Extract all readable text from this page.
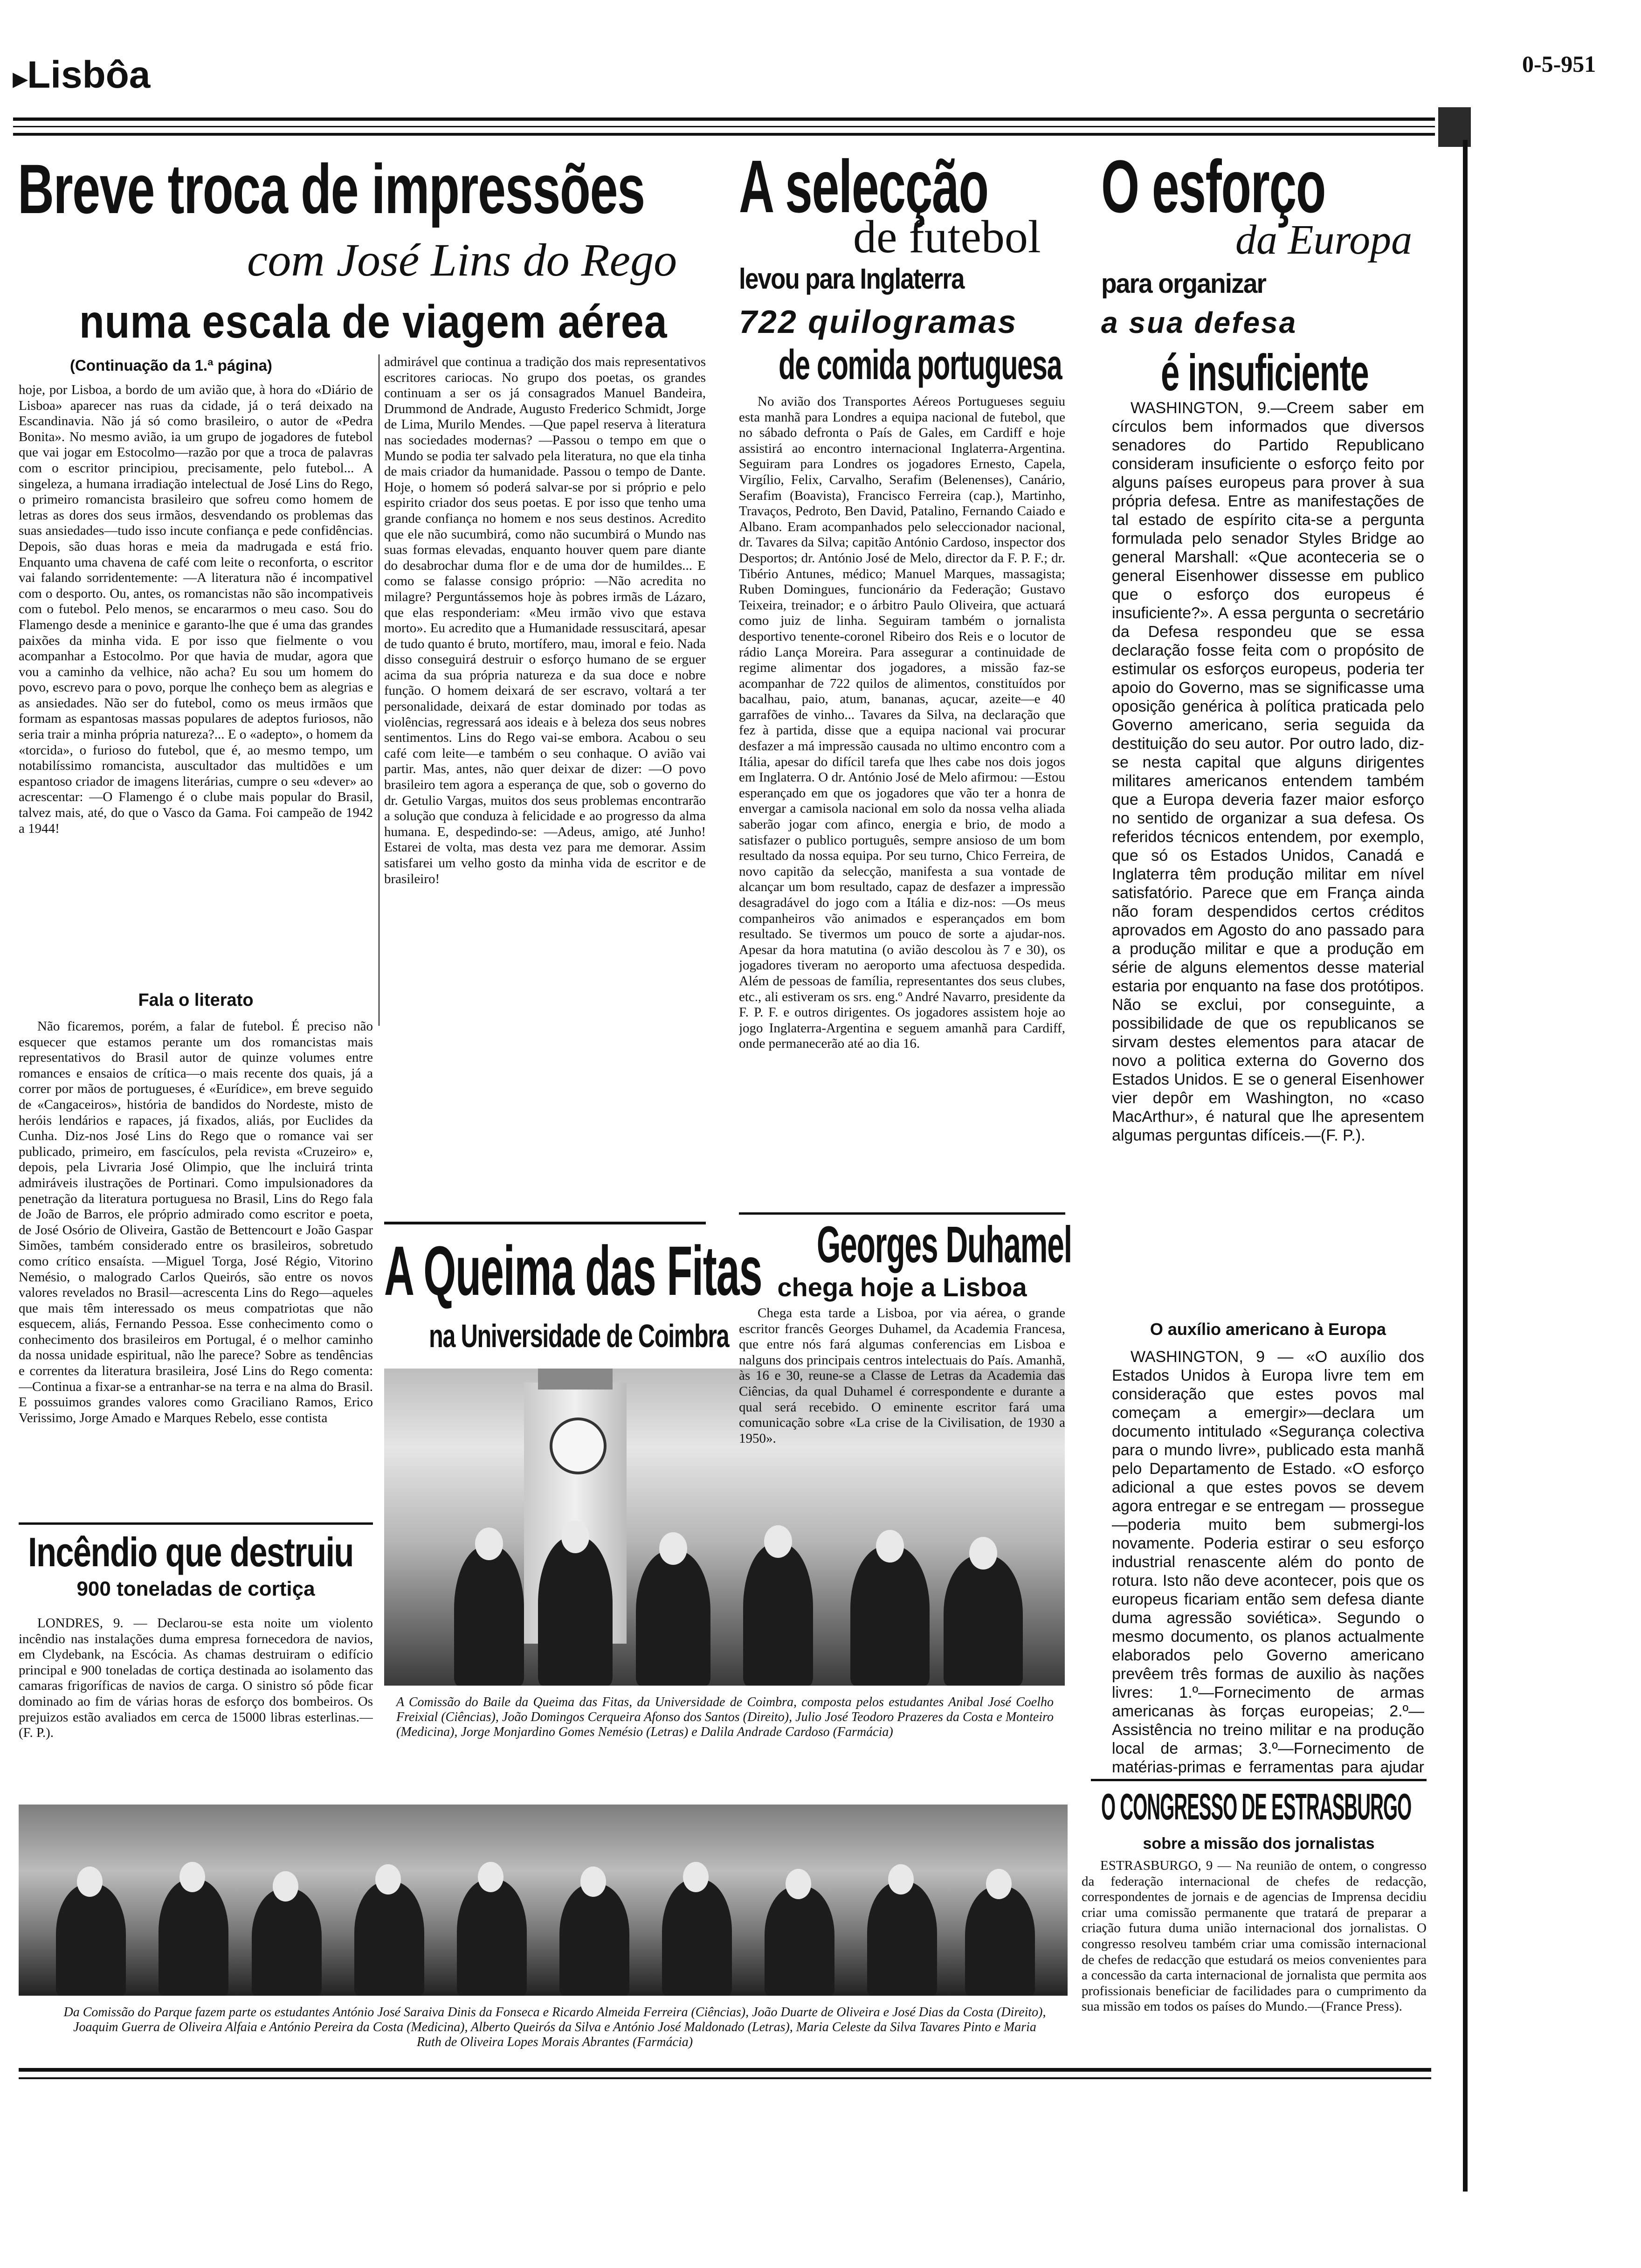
▸Lisbôa	0-5-951
Breve troca de impressões
com José Lins do Rego
numa escala de viagem aérea
(Continuação da 1.ª página)

hoje, por Lisboa, a bordo de um avião que, à hora do «Diário de Lisboa» aparecer nas ruas da cidade, já o terá deixado na Escandinavia. Não já só como brasileiro, o autor de «Pedra Bonita». No mesmo avião, ia um grupo de jogadores de futebol que vai jogar em Estocolmo—razão por que a troca de palavras com o escritor principiou, precisamente, pelo futebol... A singeleza, a humana irradiação intelectual de José Lins do Rego, o primeiro romancista brasileiro que sofreu como homem de letras as dores dos seus irmãos, desvendando os problemas das suas ansiedades—tudo isso incute confiança e pede confidências. Depois, são duas horas e meia da madrugada e está frio. Enquanto uma chavena de café com leite o reconforta, o escritor vai falando sorridentemente: —A literatura não é incompativel com o desporto. Ou, antes, os romancistas não são incompativeis com o futebol. Pelo menos, se encararmos o meu caso. Sou do Flamengo desde a meninice e garanto-lhe que é uma das grandes paixões da minha vida. E por isso que fielmente o vou acompanhar a Estocolmo. Por que havia de mudar, agora que vou a caminho da velhice, não acha? Eu sou um homem do povo, escrevo para o povo, porque lhe conheço bem as alegrias e as ansiedades. Não ser do futebol, como os meus irmãos que formam as espantosas massas populares de adeptos furiosos, não seria trair a minha própria natureza?... E o «adepto», o homem da «torcida», o furioso do futebol, que é, ao mesmo tempo, um notabilíssimo romancista, auscultador das multidões e um espantoso criador de imagens literárias, cumpre o seu «dever» ao acrescentar: —O Flamengo é o clube mais popular do Brasil, talvez mais, até, do que o Vasco da Gama. Foi campeão de 1942 a 1944!

Fala o literato

Não ficaremos, porém, a falar de futebol. É preciso não esquecer que estamos perante um dos romancistas mais representativos do Brasil autor de quinze volumes entre romances e ensaios de crítica—o mais recente dos quais, já a correr por mãos de portugueses, é «Eurídice», em breve seguido de «Cangaceiros», história de bandidos do Nordeste, misto de heróis lendários e rapaces, já fixados, aliás, por Euclides da Cunha. Diz-nos José Lins do Rego que o romance vai ser publicado, primeiro, em fascículos, pela revista «Cruzeiro» e, depois, pela Livraria José Olimpio, que lhe incluirá trinta admiráveis ilustrações de Portinari. Como impulsionadores da penetração da literatura portuguesa no Brasil, Lins do Rego fala de João de Barros, ele próprio admirado como escritor e poeta, de José Osório de Oliveira, Gastão de Bettencourt e João Gaspar Simões, também considerado entre os brasileiros, sobretudo como crítico ensaísta. —Miguel Torga, José Régio, Vitorino Nemésio, o malogrado Carlos Queirós, são entre os novos valores revelados no Brasil—acrescenta Lins do Rego—aqueles que mais têm interessado os meus compatriotas que não esquecem, aliás, Fernando Pessoa. Esse conhecimento como o conhecimento dos brasileiros em Portugal, é o melhor caminho da nossa unidade espiritual, não lhe parece? Sobre as tendências e correntes da literatura brasileira, José Lins do Rego comenta: —Continua a fixar-se a entranhar-se na terra e na alma do Brasil. E possuimos grandes valores como Graciliano Ramos, Erico Verissimo, Jorge Amado e Marques Rebelo, esse contista

admirável que continua a tradição dos mais representativos escritores cariocas. No grupo dos poetas, os grandes continuam a ser os já consagrados Manuel Bandeira, Drummond de Andrade, Augusto Frederico Schmidt, Jorge de Lima, Murilo Mendes. —Que papel reserva à literatura nas sociedades modernas? —Passou o tempo em que o Mundo se podia ter salvado pela literatura, no que ela tinha de mais criador da humanidade. Passou o tempo de Dante. Hoje, o homem só poderá salvar-se por si próprio e pelo espirito criador dos seus poetas. E por isso que tenho uma grande confiança no homem e nos seus destinos. Acredito que ele não sucumbirá, como não sucumbirá o Mundo nas suas formas elevadas, enquanto houver quem pare diante do desabrochar duma flor e de uma dor de humildes... E como se falasse consigo próprio: —Não acredita no milagre? Perguntássemos hoje às pobres irmãs de Lázaro, que elas responderiam: «Meu irmão vivo que estava morto». Eu acredito que a Humanidade ressuscitará, apesar de tudo quanto é bruto, mortífero, mau, imoral e feio. Nada disso conseguirá destruir o esforço humano de se erguer acima da sua própria natureza e da sua doce e nobre função. O homem deixará de ser escravo, voltará a ter personalidade, deixará de estar dominado por todas as violências, regressará aos ideais e à beleza dos seus nobres sentimentos. Lins do Rego vai-se embora. Acabou o seu café com leite—e também o seu conhaque. O avião vai partir. Mas, antes, não quer deixar de dizer: —O povo brasileiro tem agora a esperança de que, sob o governo do dr. Getulio Vargas, muitos dos seus problemas encontrarão a solução que conduza à felicidade e ao progresso da alma humana. E, despedindo-se: —Adeus, amigo, até Junho! Estarei de volta, mas desta vez para me demorar. Assim satisfarei um velho gosto da minha vida de escritor e de brasileiro!

Incêndio que destruiu
900 toneladas de cortiça

LONDRES, 9. — Declarou-se esta noite um violento incêndio nas instalações duma empresa fornecedora de navios, em Clydebank, na Escócia. As chamas destruiram o edifício principal e 900 toneladas de cortiça destinada ao isolamento das camaras frigoríficas de navios de carga. O sinistro só pôde ficar dominado ao fim de várias horas de esforço dos bombeiros. Os prejuizos estão avaliados em cerca de 15000 libras esterlinas.—(F. P.).

A Queima das Fitas
na Universidade de Coimbra
A Comissão do Baile da Queima das Fitas, da Universidade de Coimbra, composta pelos estudantes Anibal José Coelho Freixial (Ciências), João Domingos Cerqueira Afonso dos Santos (Direito), Julio José Teodoro Prazeres da Costa e Monteiro (Medicina), Jorge Monjardino Gomes Nemésio (Letras) e Dalila Andrade Cardoso (Farmácia)
Da Comissão do Parque fazem parte os estudantes António José Saraiva Dinis da Fonseca e Ricardo Almeida Ferreira (Ciências), João Duarte de Oliveira e José Dias da Costa (Direito), Joaquim Guerra de Oliveira Alfaia e António Pereira da Costa (Medicina), Alberto Queirós da Silva e António José Maldonado (Letras), Maria Celeste da Silva Tavares Pinto e Maria Ruth de Oliveira Lopes Morais Abrantes (Farmácia)
A selecção
de futebol
levou para Inglaterra
722 quilogramas
de comida portuguesa

No avião dos Transportes Aéreos Portugueses seguiu esta manhã para Londres a equipa nacional de futebol, que no sábado defronta o País de Gales, em Cardiff e hoje assistirá ao encontro internacional Inglaterra-Argentina. Seguiram para Londres os jogadores Ernesto, Capela, Virgílio, Felix, Carvalho, Serafim (Belenenses), Canário, Serafim (Boavista), Francisco Ferreira (cap.), Martinho, Travaços, Pedroto, Ben David, Patalino, Fernando Caiado e Albano. Eram acompanhados pelo seleccionador nacional, dr. Tavares da Silva; capitão António Cardoso, inspector dos Desportos; dr. António José de Melo, director da F. P. F.; dr. Tibério Antunes, médico; Manuel Marques, massagista; Ruben Domingues, funcionário da Federação; Gustavo Teixeira, treinador; e o árbitro Paulo Oliveira, que actuará como juiz de linha. Seguiram também o jornalista desportivo tenente-coronel Ribeiro dos Reis e o locutor de rádio Lança Moreira. Para assegurar a continuidade de regime alimentar dos jogadores, a missão faz-se acompanhar de 722 quilos de alimentos, constituídos por bacalhau, paio, atum, bananas, açucar, azeite—e 40 garrafões de vinho... Tavares da Silva, na declaração que fez à partida, disse que a equipa nacional vai procurar desfazer a má impressão causada no ultimo encontro com a Itália, apesar do difícil tarefa que lhes cabe nos dois jogos em Inglaterra. O dr. António José de Melo afirmou: —Estou esperançado em que os jogadores que vão ter a honra de envergar a camisola nacional em solo da nossa velha aliada saberão jogar com afinco, energia e brio, de modo a satisfazer o publico português, sempre ansioso de um bom resultado da nossa equipa. Por seu turno, Chico Ferreira, de novo capitão da selecção, manifesta a sua vontade de alcançar um bom resultado, capaz de desfazer a impressão desagradável do jogo com a Itália e diz-nos: —Os meus companheiros vão animados e esperançados em bom resultado. Se tivermos um pouco de sorte a ajudar-nos. Apesar da hora matutina (o avião descolou às 7 e 30), os jogadores tiveram no aeroporto uma afectuosa despedida. Além de pessoas de família, representantes dos seus clubes, etc., ali estiveram os srs. eng.º André Navarro, presidente da F. P. F. e outros dirigentes. Os jogadores assistem hoje ao jogo Inglaterra-Argentina e seguem amanhã para Cardiff, onde permanecerão até ao dia 16.

Georges Duhamel
chega hoje a Lisboa

Chega esta tarde a Lisboa, por via aérea, o grande escritor francês Georges Duhamel, da Academia Francesa, que entre nós fará algumas conferencias em Lisboa e nalguns dos principais centros intelectuais do País. Amanhã, às 16 e 30, reune-se a Classe de Letras da Academia das Ciências, da qual Duhamel é correspondente e durante a qual será recebido. O eminente escritor fará uma comunicação sobre «La crise de la Civilisation, de 1930 a 1950».

O esforço
da Europa
para organizar
a sua defesa
é insuficiente

WASHINGTON, 9.—Creem saber em círculos bem informados que diversos senadores do Partido Republicano consideram insuficiente o esforço feito por alguns países europeus para prover à sua própria defesa. Entre as manifestações de tal estado de espírito cita-se a pergunta formulada pelo senador Styles Bridge ao general Marshall: «Que aconteceria se o general Eisenhower dissesse em publico que o esforço dos europeus é insuficiente?». A essa pergunta o secretário da Defesa respondeu que se essa declaração fosse feita com o propósito de estimular os esforços europeus, poderia ter apoio do Governo, mas se significasse uma oposição genérica à política praticada pelo Governo americano, seria seguida da destituição do seu autor. Por outro lado, diz-se nesta capital que alguns dirigentes militares americanos entendem também que a Europa deveria fazer maior esforço no sentido de organizar a sua defesa. Os referidos técnicos entendem, por exemplo, que só os Estados Unidos, Canadá e Inglaterra têm produção militar em nível satisfatório. Parece que em França ainda não foram despendidos certos créditos aprovados em Agosto do ano passado para a produção militar e que a produção em série de alguns elementos desse material estaria por enquanto na fase dos protótipos. Não se exclui, por conseguinte, a possibilidade de que os republicanos se sirvam destes elementos para atacar de novo a politica externa do Governo dos Estados Unidos. E se o general Eisenhower vier depôr em Washington, no «caso MacArthur», é natural que lhe apresentem algumas perguntas difíceis.—(F. P.).

O auxílio americano à Europa

WASHINGTON, 9 — «O auxílio dos Estados Unidos à Europa livre tem em consideração que estes povos mal começam a emergir»—declara um documento intitulado «Segurança colectiva para o mundo livre», publicado esta manhã pelo Departamento de Estado. «O esforço adicional a que estes povos se devem agora entregar e se entregam — prossegue—poderia muito bem submergi-los novamente. Poderia estirar o seu esforço industrial renascente além do ponto de rotura. Isto não deve acontecer, pois que os europeus ficariam então sem defesa diante duma agressão soviética». Segundo o mesmo documento, os planos actualmente elaborados pelo Governo americano prevêem três formas de auxilio às nações livres: 1.º—Fornecimento de armas americanas às forças europeias; 2.º—Assistência no treino militar e na produção local de armas; 3.º—Fornecimento de matérias-primas e ferramentas para ajudar

O CONGRESSO DE ESTRASBURGO
sobre a missão dos jornalistas

ESTRASBURGO, 9 — Na reunião de ontem, o congresso da federação internacional de chefes de redacção, correspondentes de jornais e de agencias de Imprensa decidiu criar uma comissão permanente que tratará de preparar a criação futura duma união internacional dos jornalistas. O congresso resolveu também criar uma comissão internacional de chefes de redacção que estudará os meios convenientes para a concessão da carta internacional de jornalista que permita aos profissionais beneficiar de facilidades para o cumprimento da sua missão em todos os países do Mundo.—(France Press).
